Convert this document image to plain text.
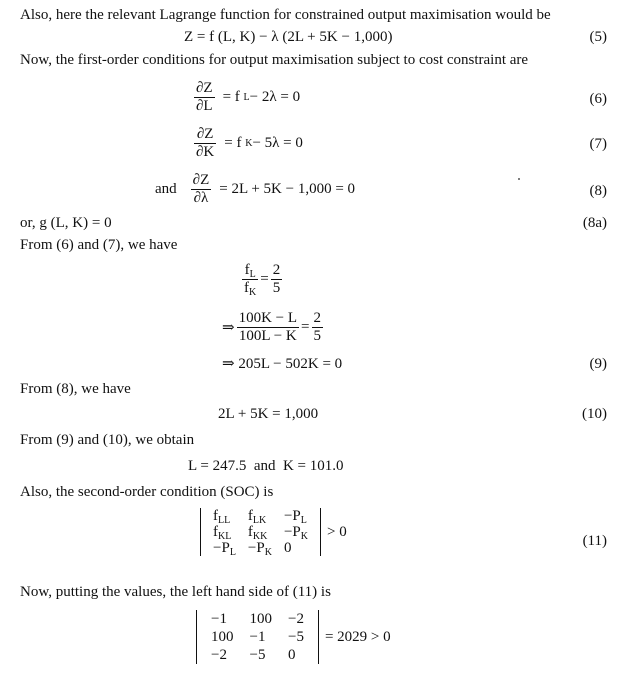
Also, here the relevant Lagrange function for constrained output maximisation would be
Z = f (L, K) − λ (2L + 5K − 1,000)	(5)
Now, the first-order conditions for output maximisation subject to cost constraint are
$\frac{\partial Z}{\partial L} = f$
L − 2λ = 0	(6)
$\frac{\partial Z}{\partial K} = f$
K − 5λ = 0	(7)
and $\frac{\partial Z}{\partial\lambda} = 2L + 5K - 1,000 = 0$	(8)
or, g (L, K) = 0	(8a)
From (6) and (7), we have
$\frac{f_L}{f_K} = \frac{2}{5}$
⇒ $\frac{100K - L}{100L - K} = \frac{2}{5}$
⇒ 205L − 502K = 0	(9)
From (8), we have
2L + 5K = 1,000	(10)
From (9) and (10), we obtain
L = 247.5  and  K = 101.0
Also, the second-order condition (SOC) is
$f_{LL}$	$f_{LK}$	$-P_L$
$f_{KL}$	$f_{KK}$	$-P_K$
$-P_L$	$-P_K$	0
> 0
(11)
Now, putting the values, the left hand side of (11) is
−1	100	−2
100	−1	−5
−2	−5	0
= 2029 > 0
